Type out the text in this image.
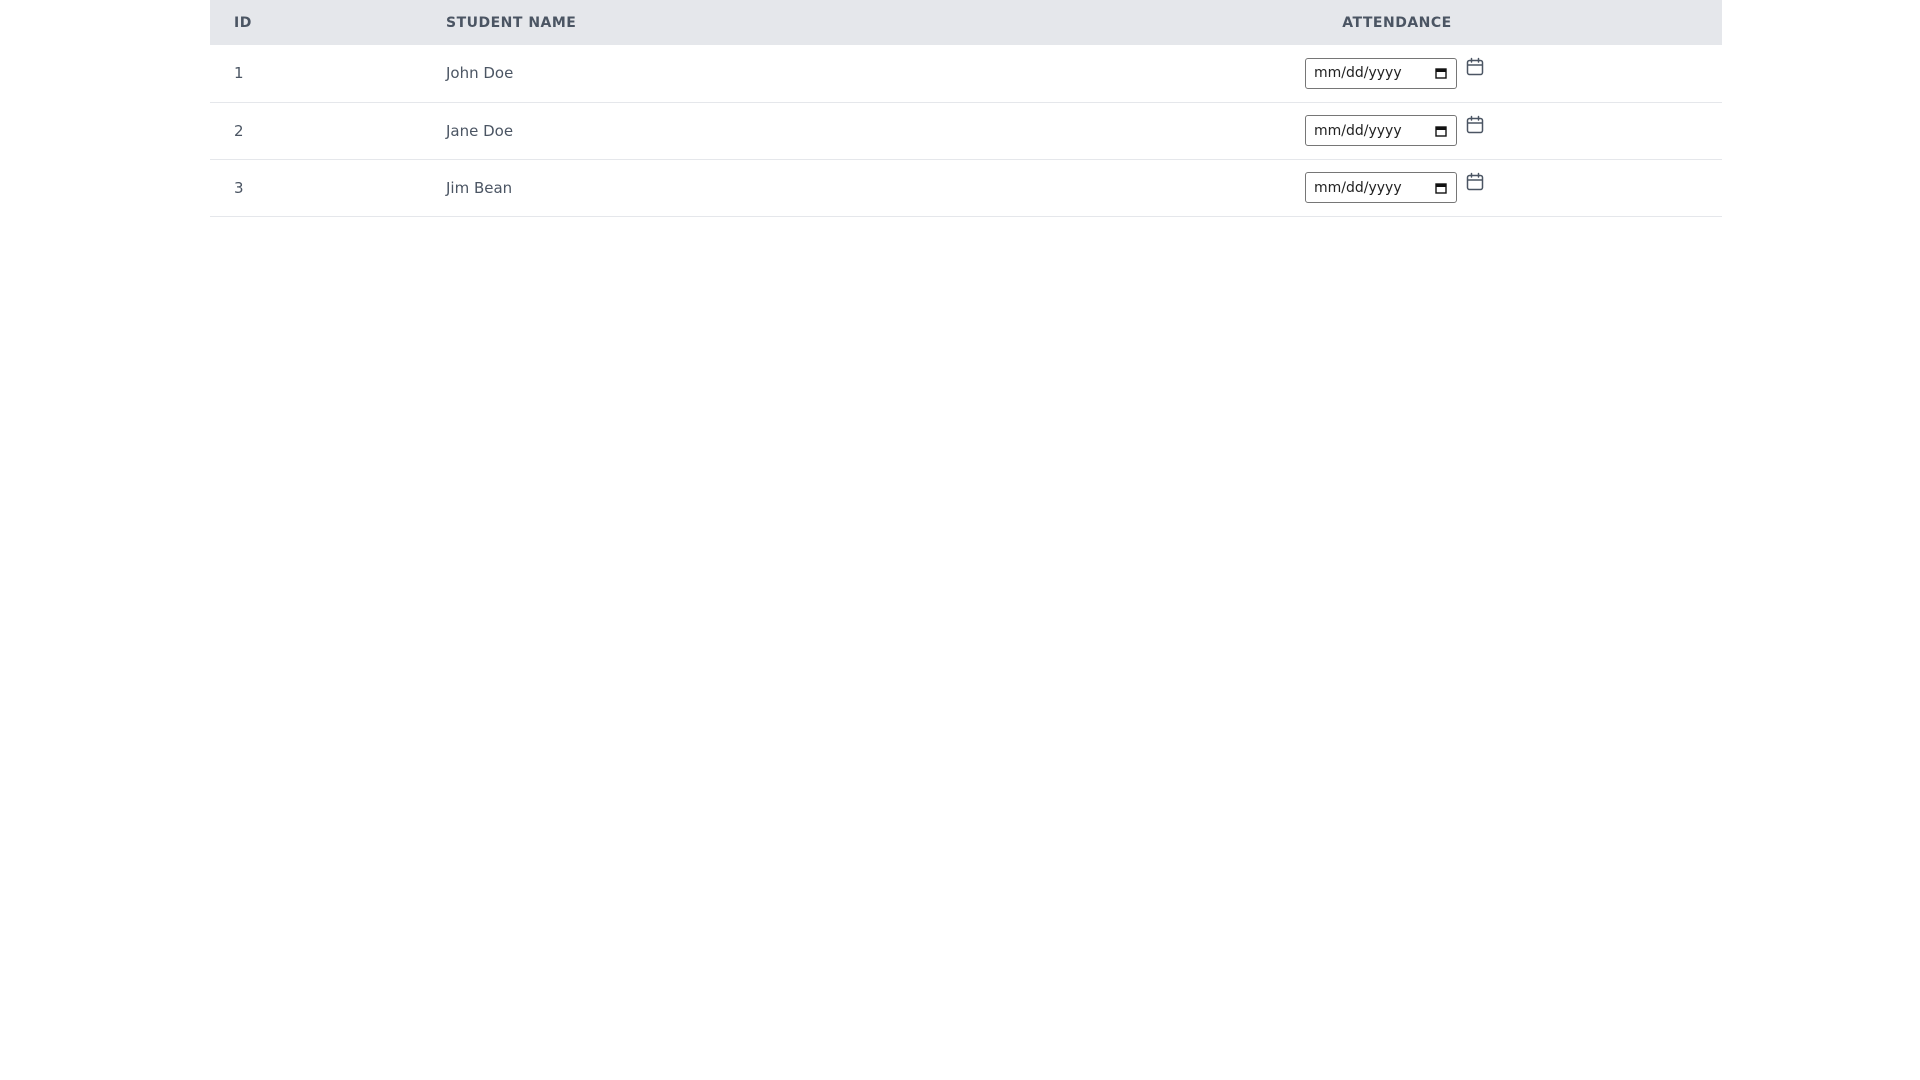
ID	STUDENT NAME	ATTENDANCE
1	John Doe	mm/dd/yyyy

2	Jane Doe	mm/dd/yyyy

3	Jim Bean	mm/dd/yyyy
